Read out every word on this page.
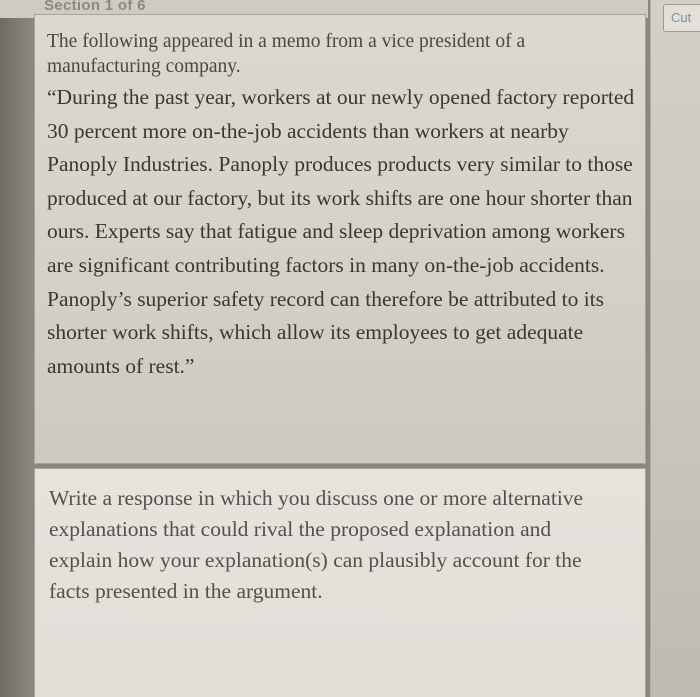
Section 1 of 6
Cut

The following appeared in a memo from a vice president of a manufacturing company.

“During the past year, workers at our newly opened factory reported 30 percent more on-the-job accidents than workers at nearby Panoply Industries. Panoply produces products very similar to those produced at our factory, but its work shifts are one hour shorter than ours. Experts say that fatigue and sleep deprivation among workers are significant contributing factors in many on-the-job accidents. Panoply’s superior safety record can therefore be attributed to its shorter work shifts, which allow its employees to get adequate amounts of rest.”

Write a response in which you discuss one or more alternative explanations that could rival the proposed explanation and explain how your explanation(s) can plausibly account for the facts presented in the argument.
